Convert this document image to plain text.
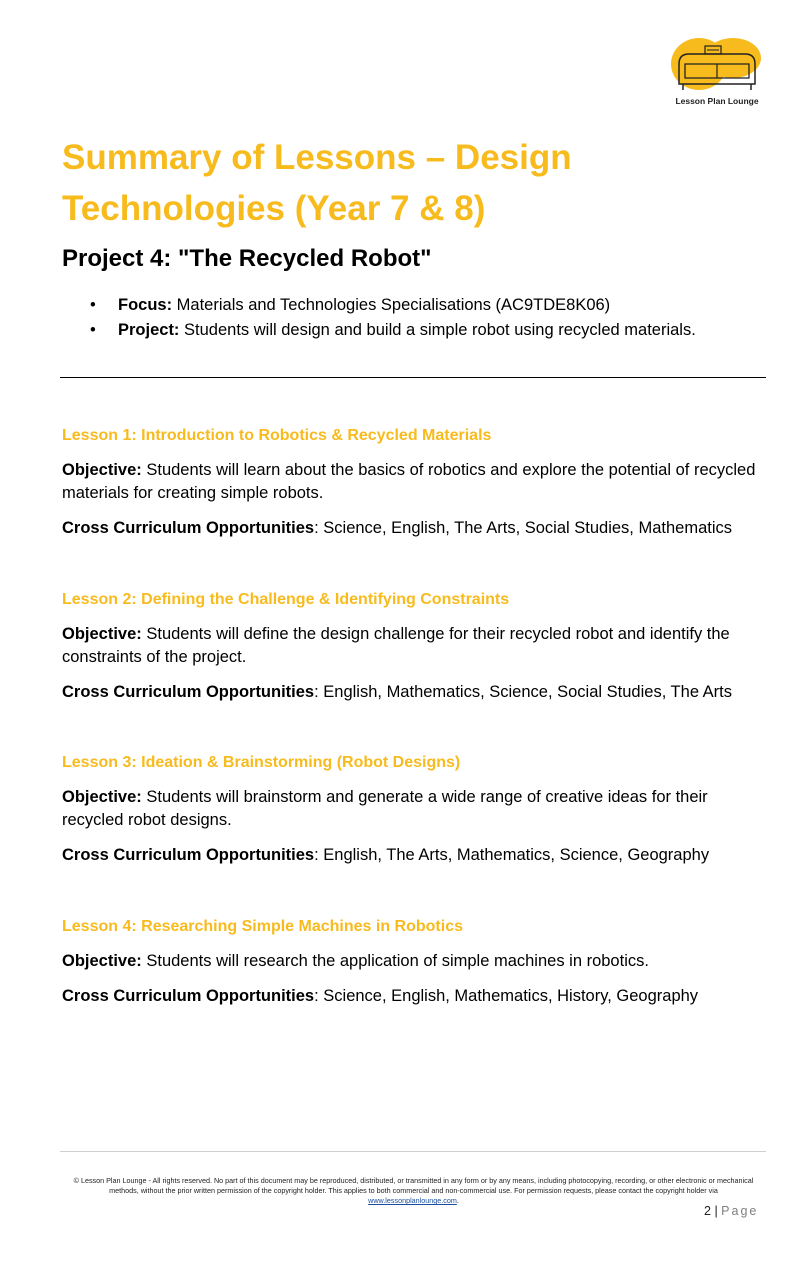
Lesson Plan Lounge
Summary of Lessons – Design Technologies (Year 7 & 8)
Project 4: "The Recycled Robot"
• Focus: Materials and Technologies Specialisations (AC9TDE8K06)
• Project: Students will design and build a simple robot using recycled materials.
Lesson 1: Introduction to Robotics & Recycled Materials

Objective: Students will learn about the basics of robotics and explore the potential of recycled materials for creating simple robots.

Cross Curriculum Opportunities: Science, English, The Arts, Social Studies, Mathematics

Lesson 2: Defining the Challenge & Identifying Constraints

Objective: Students will define the design challenge for their recycled robot and identify the constraints of the project.

Cross Curriculum Opportunities: English, Mathematics, Science, Social Studies, The Arts

Lesson 3: Ideation & Brainstorming (Robot Designs)

Objective: Students will brainstorm and generate a wide range of creative ideas for their recycled robot designs.

Cross Curriculum Opportunities: English, The Arts, Mathematics, Science, Geography

Lesson 4: Researching Simple Machines in Robotics

Objective: Students will research the application of simple machines in robotics.

Cross Curriculum Opportunities: Science, English, Mathematics, History, Geography

© Lesson Plan Lounge - All rights reserved. No part of this document may be reproduced, distributed, or transmitted in any form or by any means, including photocopying, recording, or other electronic or mechanical methods, without the prior written permission of the copyright holder. This applies to both commercial and non-commercial use. For permission requests, please contact the copyright holder via www.lessonplanlounge.com.
2 | Page
